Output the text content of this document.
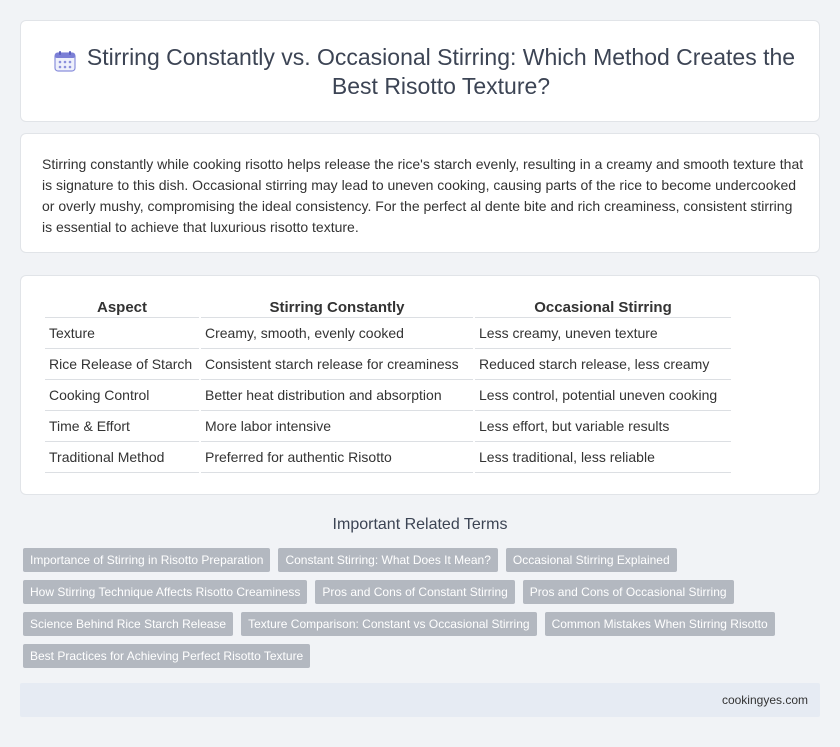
Stirring Constantly vs. Occasional Stirring: Which Method Creates the Best Risotto Texture?

Stirring constantly while cooking risotto helps release the rice's starch evenly, resulting in a creamy and smooth texture that is signature to this dish. Occasional stirring may lead to uneven cooking, causing parts of the rice to become undercooked or overly mushy, compromising the ideal consistency. For the perfect al dente bite and rich creaminess, consistent stirring is essential to achieve that luxurious risotto texture.

Aspect	Stirring Constantly	Occasional Stirring
Texture	Creamy, smooth, evenly cooked	Less creamy, uneven texture
Rice Release of Starch	Consistent starch release for creaminess	Reduced starch release, less creamy
Cooking Control	Better heat distribution and absorption	Less control, potential uneven cooking
Time & Effort	More labor intensive	Less effort, but variable results
Traditional Method	Preferred for authentic Risotto	Less traditional, less reliable
Important Related Terms
Importance of Stirring in Risotto Preparation	Constant Stirring: What Does It Mean?	Occasional Stirring Explained
How Stirring Technique Affects Risotto Creaminess	Pros and Cons of Constant Stirring	Pros and Cons of Occasional Stirring
Science Behind Rice Starch Release	Texture Comparison: Constant vs Occasional Stirring	Common Mistakes When Stirring Risotto
Best Practices for Achieving Perfect Risotto Texture
cookingyes.com
